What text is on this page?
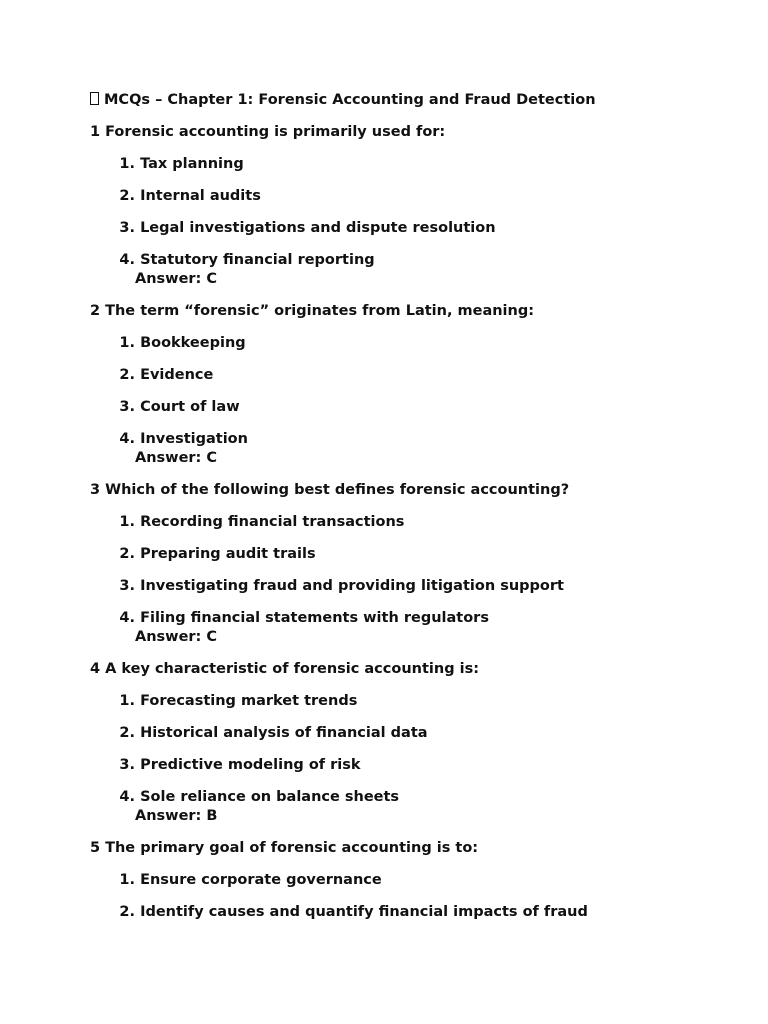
MCQs – Chapter 1: Forensic Accounting and Fraud Detection
1 Forensic accounting is primarily used for:
1.
Tax planning
2.
Internal audits
3.
Legal investigations and dispute resolution
4.
Statutory financial reporting
Answer: C
2 The term “forensic” originates from Latin, meaning:
1.
Bookkeeping
2.
Evidence
3.
Court of law
4.
Investigation
Answer: C
3 Which of the following best defines forensic accounting?
1.
Recording financial transactions
2.
Preparing audit trails
3.
Investigating fraud and providing litigation support
4.
Filing financial statements with regulators
Answer: C
4 A key characteristic of forensic accounting is:
1.
Forecasting market trends
2.
Historical analysis of financial data
3.
Predictive modeling of risk
4.
Sole reliance on balance sheets
Answer: B
5 The primary goal of forensic accounting is to:
1.
Ensure corporate governance
2.
Identify causes and quantify financial impacts of fraud
